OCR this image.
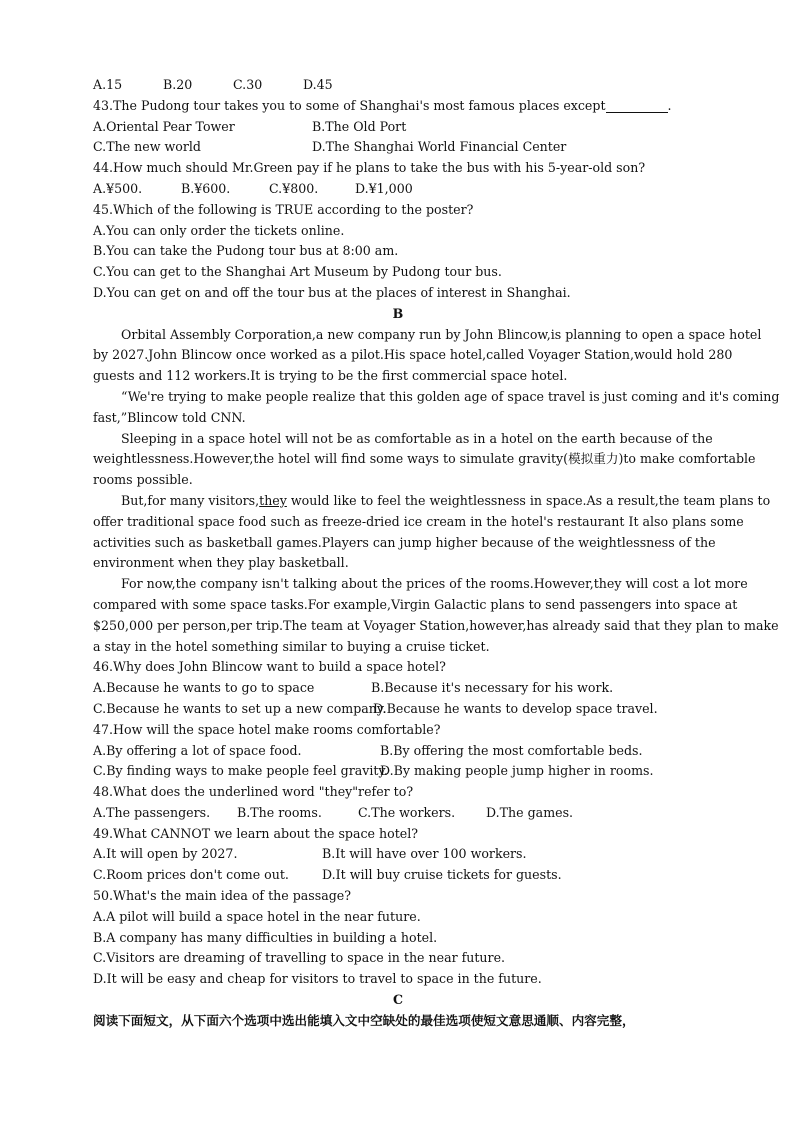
A.15	B.20	C.30	D.45
43.The Pudong tour takes you to some of Shanghai's most famous places except	.
A.Oriental Pear Tower	B.The Old Port
C.The new world	D.The Shanghai World Financial Center
44.How much should Mr.Green pay if he plans to take the bus with his 5-year-old son?
A.¥500.	B.¥600.	C.¥800.	D.¥1,000
45.Which of the following is TRUE according to the poster?
A.You can only order the tickets online.
B.You can take the Pudong tour bus at 8:00 am.
C.You can get to the Shanghai Art Museum by Pudong tour bus.
D.You can get on and off the tour bus at the places of interest in Shanghai.
B
Orbital Assembly Corporation,a new company run by John Blincow,is planning to open a space hotel
by 2027.John Blincow once worked as a pilot.His space hotel,called Voyager Station,would hold 280
guests and 112 workers.It is trying to be the first commercial space hotel.
“We're trying to make people realize that this golden age of space travel is just coming and it's coming
fast,”Blincow told CNN.
Sleeping in a space hotel will not be as comfortable as in a hotel on the earth because of the
weightlessness.However,the hotel will find some ways to simulate gravity(模拟重力)to make comfortable
rooms possible.
But,for many visitors,they would like to feel the weightlessness in space.As a result,the team plans to
offer traditional space food such as freeze-dried ice cream in the hotel's restaurant It also plans some
activities such as basketball games.Players can jump higher because of the weightlessness of the
environment when they play basketball.
For now,the company isn't talking about the prices of the rooms.However,they will cost a lot more
compared with some space tasks.For example,Virgin Galactic plans to send passengers into space at
$250,000 per person,per trip.The team at Voyager Station,however,has already said that they plan to make
a stay in the hotel something similar to buying a cruise ticket.
46.Why does John Blincow want to build a space hotel?
A.Because he wants to go to space	B.Because it's necessary for his work.
C.Because he wants to set up a new company.
D.Because he wants to develop space travel.
47.How will the space hotel make rooms comfortable?
A.By offering a lot of space food.	B.By offering the most comfortable beds.
C.By finding ways to make people feel gravity.
D.By making people jump higher in rooms.
48.What does the underlined word "they"refer to?
A.The passengers. B.The rooms.	C.The workers. D.The games.
49.What CANNOT we learn about the space hotel?
A.It will open by 2027.	B.It will have over 100 workers.
C.Room prices don't come out.	D.It will buy cruise tickets for guests.
50.What's the main idea of the passage?
A.A pilot will build a space hotel in the near future.
B.A company has many difficulties in building a hotel.
C.Visitors are dreaming of travelling to space in the near future.
D.It will be easy and cheap for visitors to travel to space in the future.
C
阅读下面短文，从下面六个选项中选出能填入文中空缺处的最佳选项使短文意思通顺、内容完整，
